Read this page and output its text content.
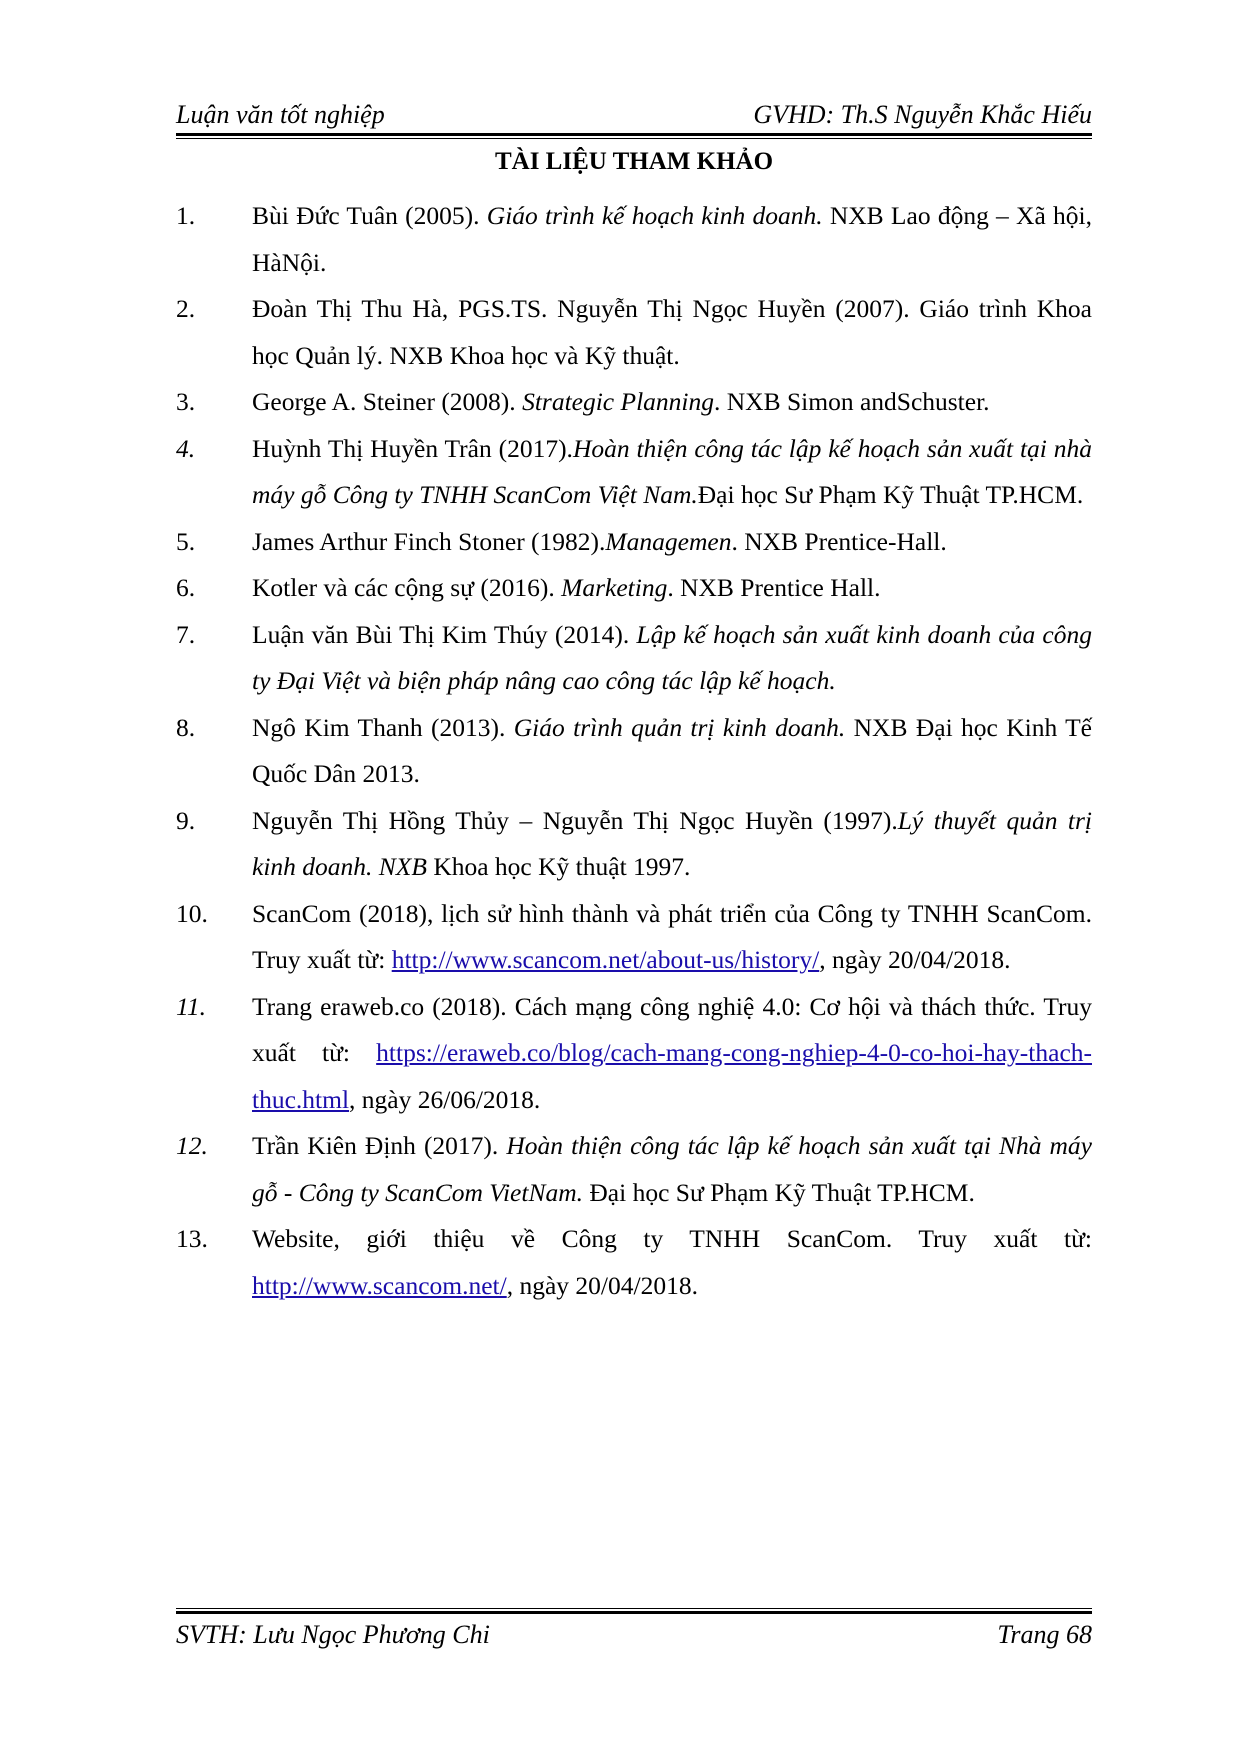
Luận văn tốt nghiệp	GVHD: Th.S Nguyễn Khắc Hiếu
TÀI LIỆU THAM KHẢO
1.	Bùi Đức Tuân (2005). Giáo trình kế hoạch kinh doanh. NXB Lao động – Xã hội, HàNội.
2.	Đoàn Thị Thu Hà, PGS.TS. Nguyễn Thị Ngọc Huyền (2007). Giáo trình Khoa học Quản lý. NXB Khoa học và Kỹ thuật.
3.	George A. Steiner (2008). Strategic Planning. NXB Simon andSchuster.
4.	Huỳnh Thị Huyền Trân (2017).Hoàn thiện công tác lập kế hoạch sản xuất tại nhà máy gỗ Công ty TNHH ScanCom Việt Nam.Đại học Sư Phạm Kỹ Thuật TP.HCM.
5.	James Arthur Finch Stoner (1982).Managemen. NXB Prentice-Hall.
6.	Kotler và các cộng sự (2016). Marketing. NXB Prentice Hall.
7.	Luận văn Bùi Thị Kim Thúy (2014). Lập kế hoạch sản xuất kinh doanh của công ty Đại Việt và biện pháp nâng cao công tác lập kế hoạch.
8.	Ngô Kim Thanh (2013). Giáo trình quản trị kinh doanh. NXB Đại học Kinh Tế Quốc Dân 2013.
9.	Nguyễn Thị Hồng Thủy – Nguyễn Thị Ngọc Huyền (1997).Lý thuyết quản trị kinh doanh. NXB Khoa học Kỹ thuật 1997.
10.	ScanCom (2018), lịch sử hình thành và phát triển của Công ty TNHH ScanCom. Truy xuất từ: http://www.scancom.net/about-us/history/, ngày 20/04/2018.
11.	Trang eraweb.co (2018). Cách mạng công nghiệ 4.0: Cơ hội và thách thức. Truy xuất từ: https://eraweb.co/blog/cach-mang-cong-nghiep-4-0-co-hoi-hay-thach-thuc.html, ngày 26/06/2018.
12.	Trần Kiên Định (2017). Hoàn thiện công tác lập kế hoạch sản xuất tại Nhà máy gỗ - Công ty ScanCom VietNam. Đại học Sư Phạm Kỹ Thuật TP.HCM.
13.	Website, giới thiệu về Công ty TNHH ScanCom. Truy xuất từ: http://www.scancom.net/, ngày 20/04/2018.
SVTH: Lưu Ngọc Phương Chi	Trang 68
